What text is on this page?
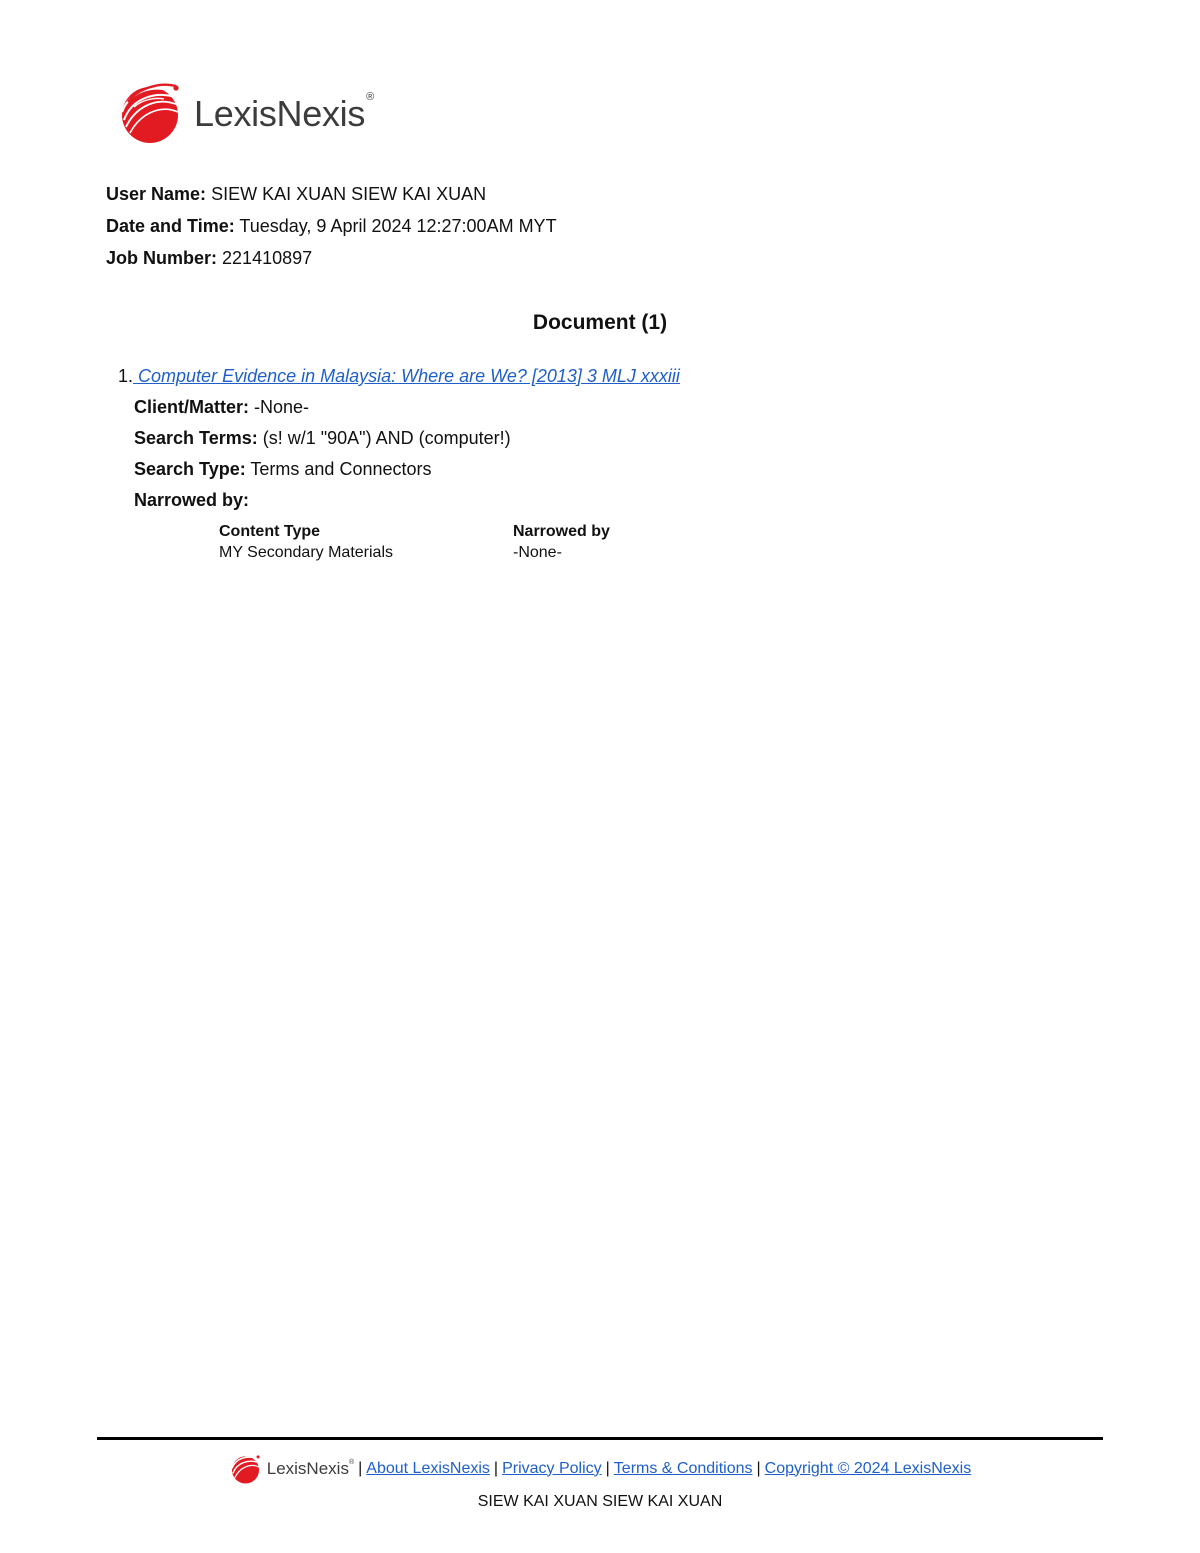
LexisNexis®
User Name: SIEW KAI XUAN SIEW KAI XUAN
Date and Time: Tuesday, 9 April 2024 12:27:00AM MYT
Job Number: 221410897
Document (1)
1. Computer Evidence in Malaysia: Where are We? [2013] 3 MLJ xxxiii
Client/Matter: -None-
Search Terms: (s! w/1 "90A") AND (computer!)
Search Type: Terms and Connectors
Narrowed by:
Content Type	Narrowed by
MY Secondary Materials	-None-
LexisNexis® | About LexisNexis | Privacy Policy | Terms & Conditions | Copyright © 2024 LexisNexis
SIEW KAI XUAN SIEW KAI XUAN
